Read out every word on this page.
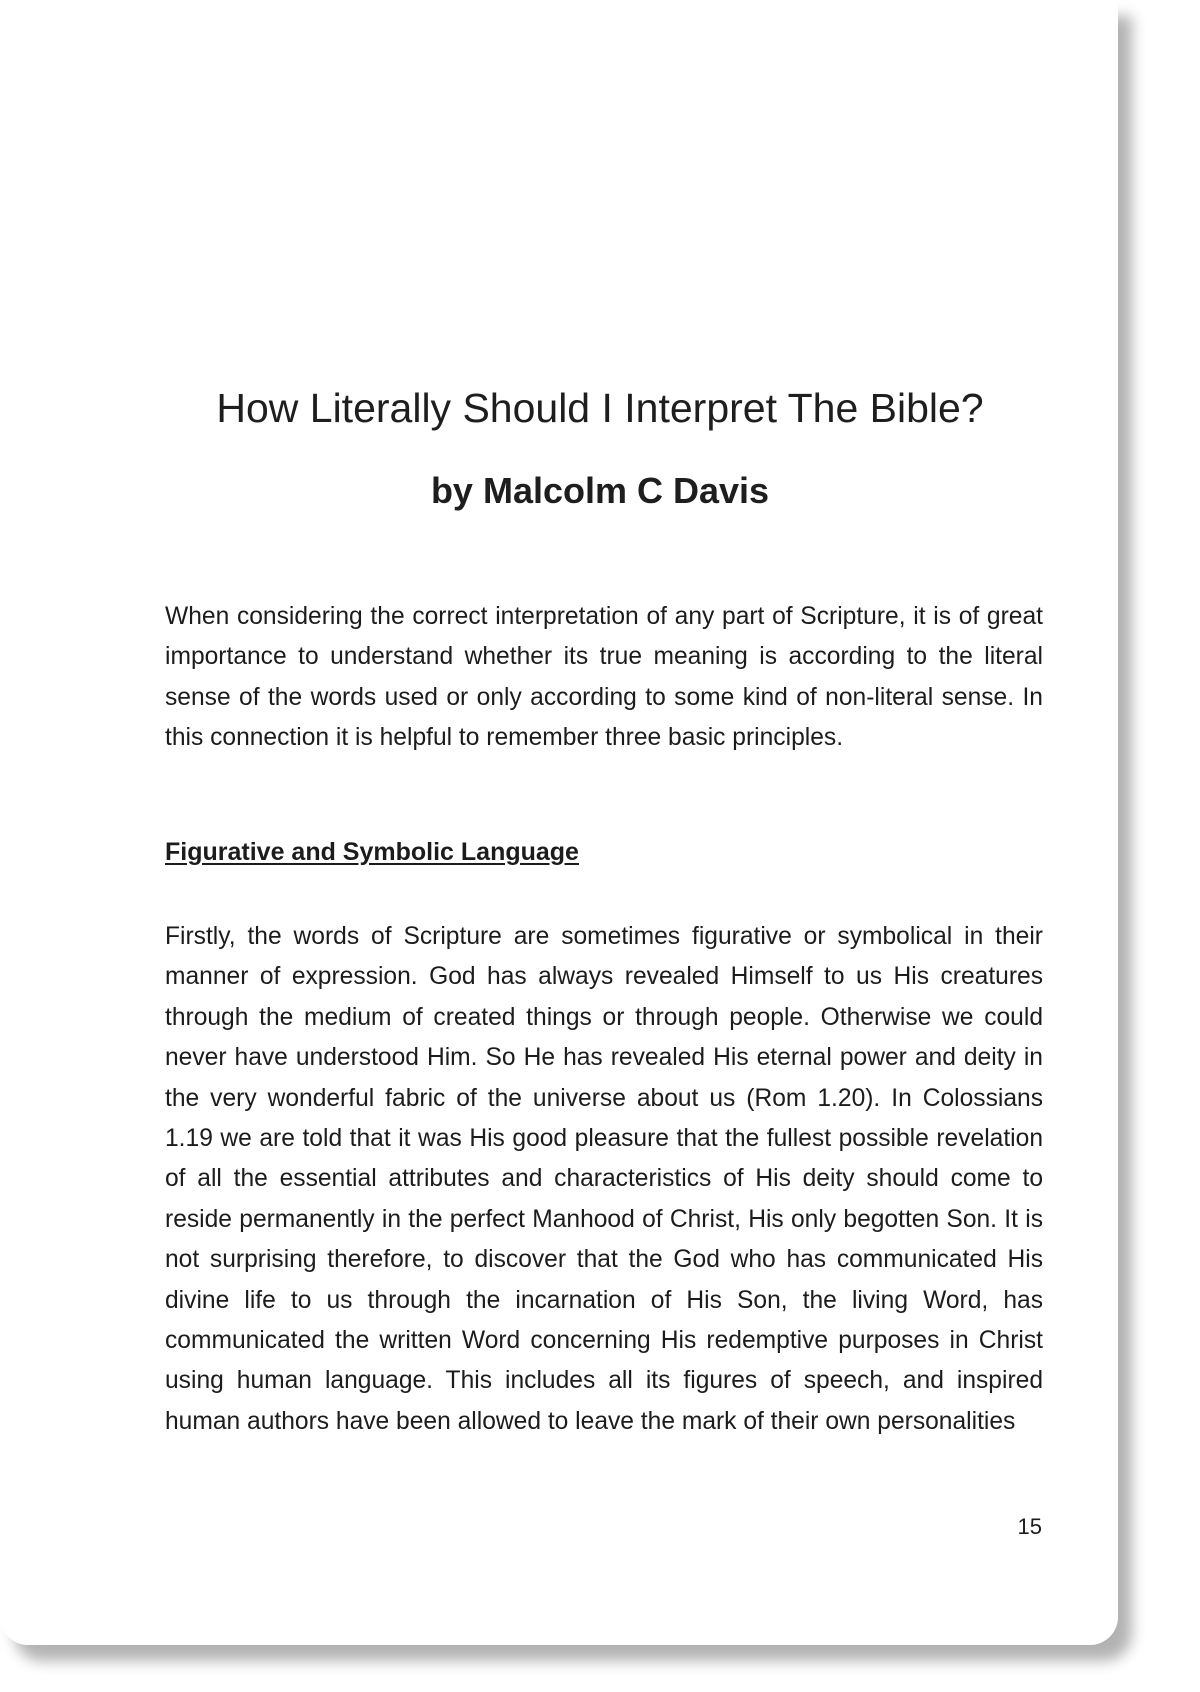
How Literally Should I Interpret The Bible?
by Malcolm C Davis

When considering the correct interpretation of any part of Scripture, it is of great importance to understand whether its true meaning is according to the literal sense of the words used or only according to some kind of non-literal sense. In this connection it is helpful to remember three basic principles.

Figurative and Symbolic Language

Firstly, the words of Scripture are sometimes figurative or symbolical in their manner of expression. God has always revealed Himself to us His creatures through the medium of created things or through people. Otherwise we could never have understood Him. So He has revealed His eternal power and deity in the very wonderful fabric of the universe about us (Rom 1.20). In Colossians 1.19 we are told that it was His good pleasure that the fullest possible revelation of all the essential attributes and characteristics of His deity should come to reside permanently in the perfect Manhood of Christ, His only begotten Son. It is not surprising therefore, to discover that the God who has communicated His divine life to us through the incarnation of His Son, the living Word, has communicated the written Word concerning His redemptive purposes in Christ using human language. This includes all its figures of speech, and inspired human authors have been allowed to leave the mark of their own personalities

15
